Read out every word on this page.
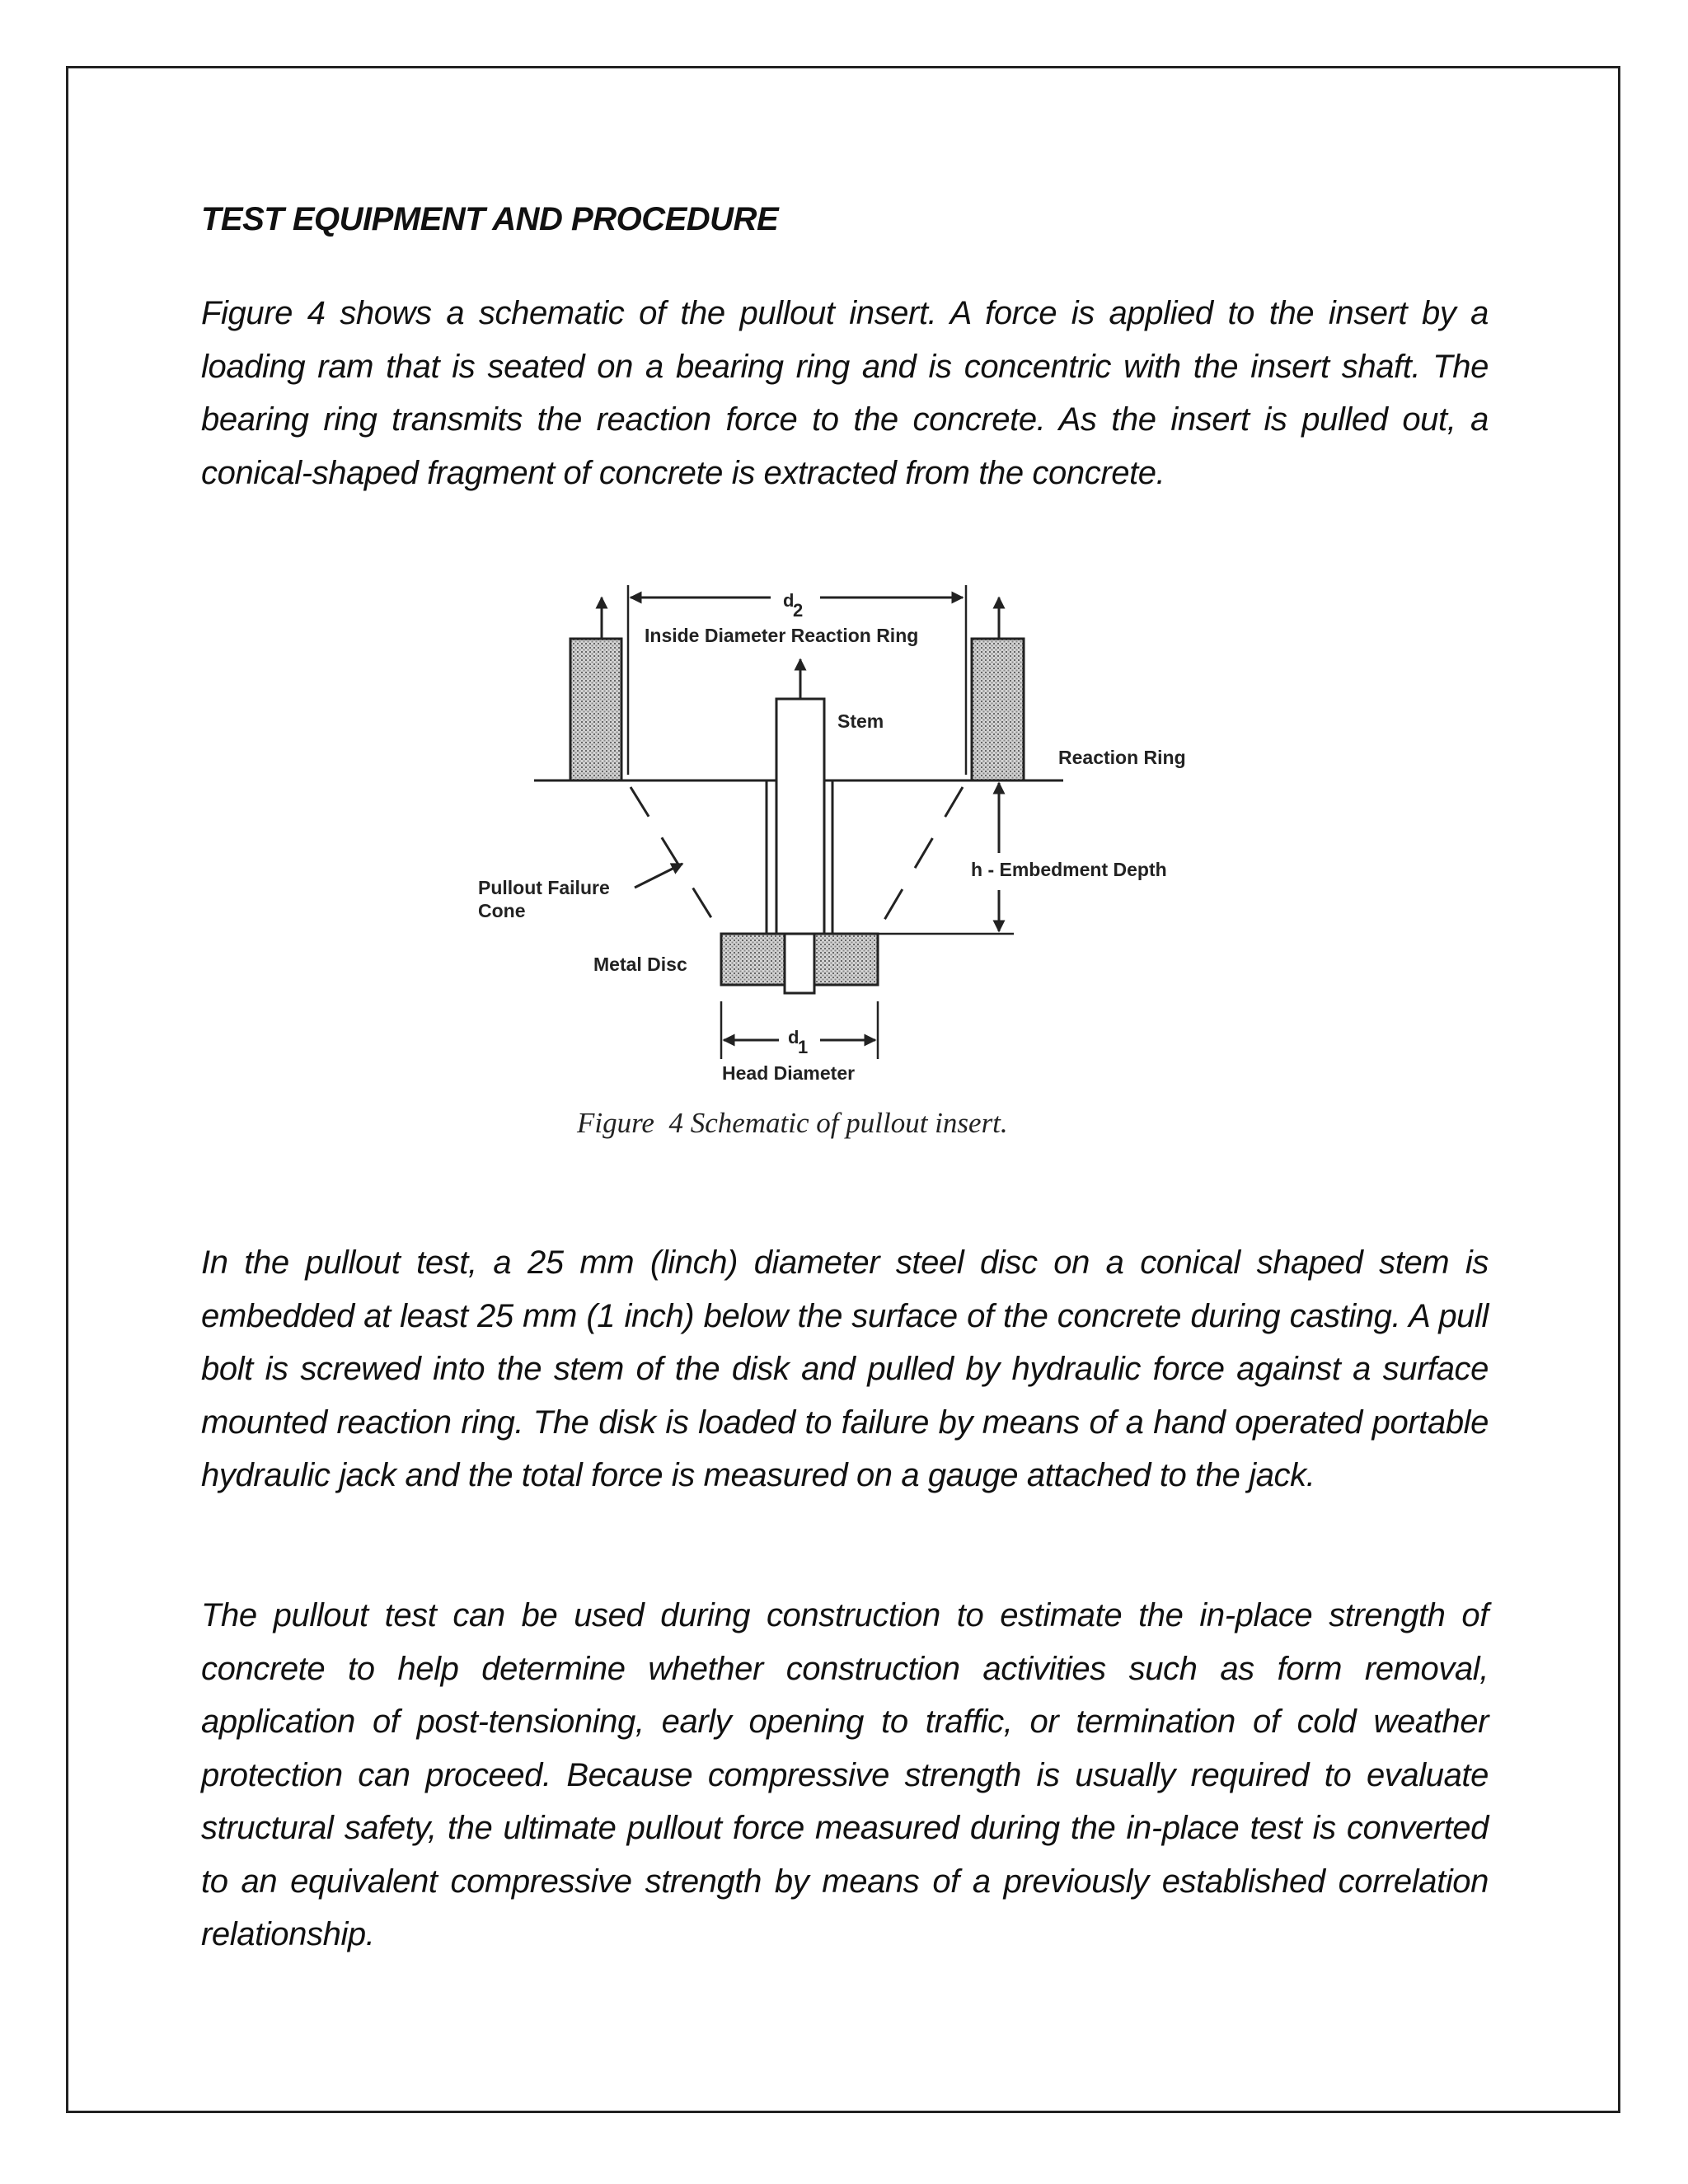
TEST EQUIPMENT AND PROCEDURE

Figure 4 shows a schematic of the pullout insert. A force is applied to the insert by a loading ram that is seated on a bearing ring and is concentric with the insert shaft. The bearing ring transmits the reaction force to the concrete. As the insert is pulled out, a conical-shaped fragment of concrete is extracted from the concrete.

d
2
Inside Diameter Reaction Ring
Stem
h - Embedment Depth
Reaction Ring
Pullout Failure
Cone
Metal Disc
d
1
Head Diameter
Figure  4 Schematic of pullout insert.

In the pullout test, a 25 mm (linch) diameter steel disc on a conical shaped stem is embedded at least 25 mm (1 inch) below the surface of the concrete during casting. A pull bolt is screwed into the stem of the disk and pulled by hydraulic force against a surface mounted reaction ring. The disk is loaded to failure by means of a hand operated portable hydraulic jack and the total force is measured on a gauge attached to the jack.

The pullout test can be used during construction to estimate the in-place strength of concrete to help determine whether construction activities such as form removal, application of post-tensioning, early opening to traffic, or termination of cold weather protection can proceed. Because compressive strength is usually required to evaluate structural safety, the ultimate pullout force measured during the in-place test is converted to an equivalent compressive strength by means of a previously established correlation relationship.
